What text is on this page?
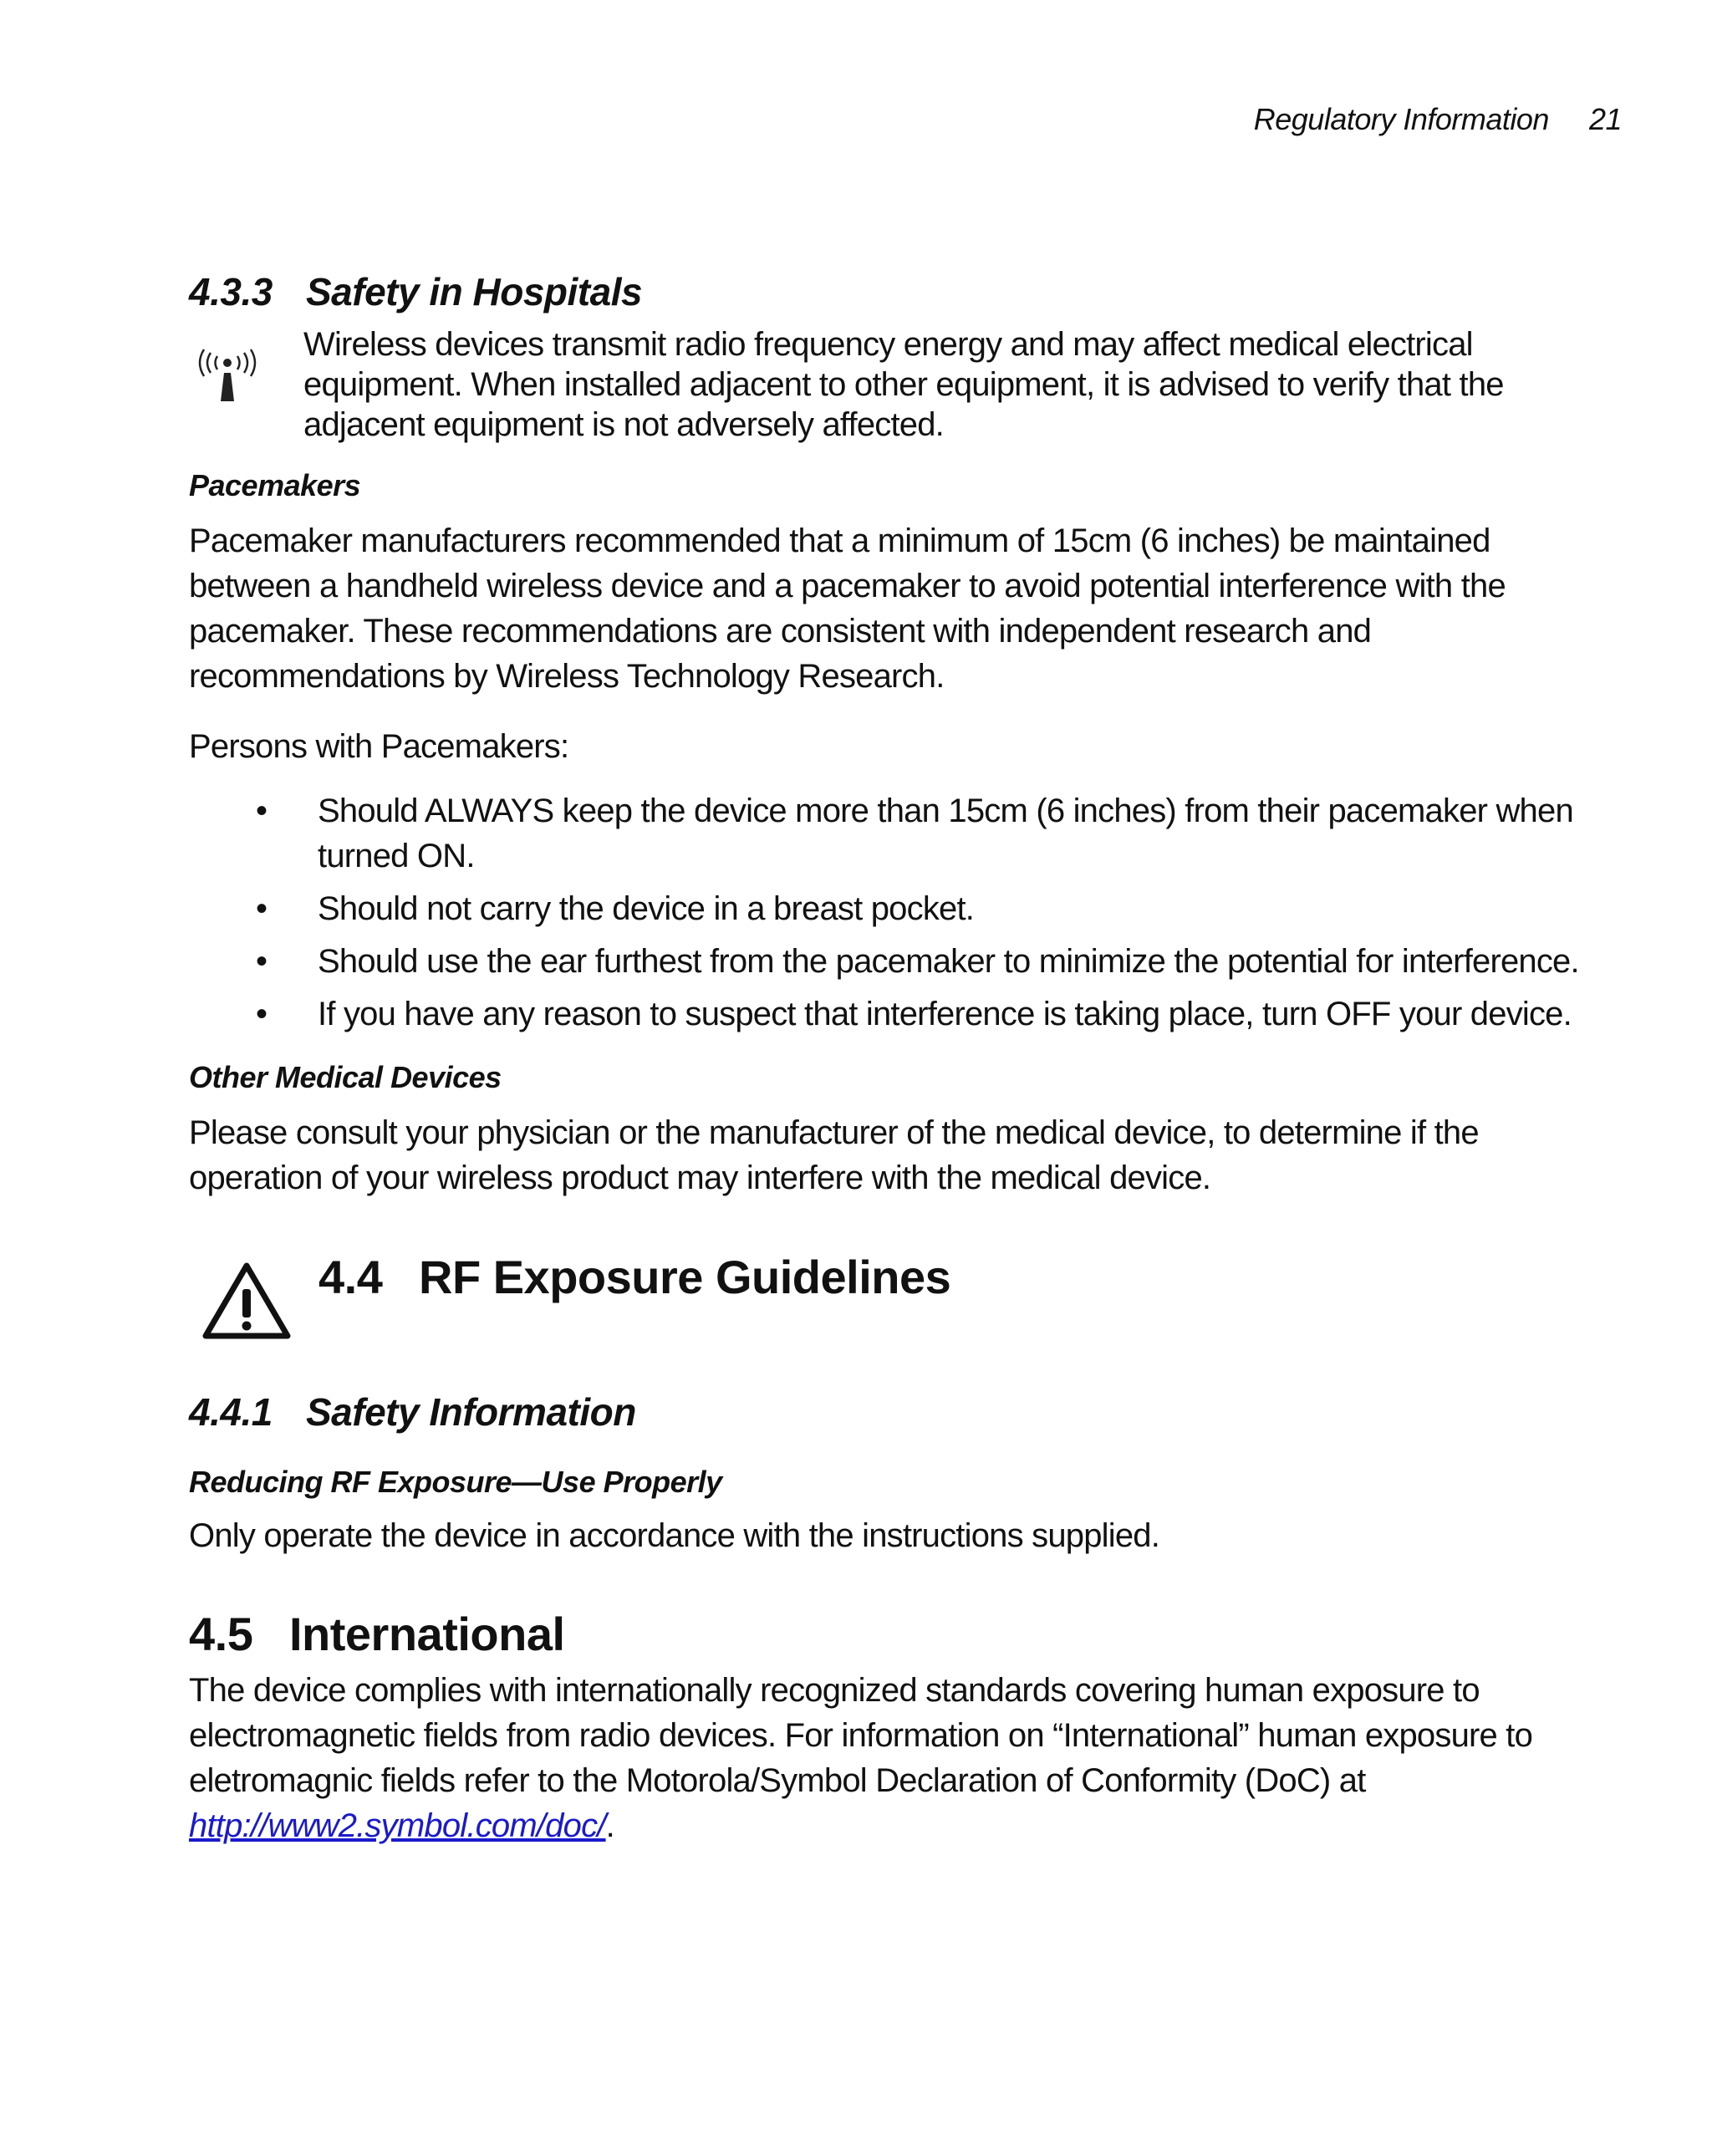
Regulatory Information 21
4.3.3 Safety in Hospitals
Wireless devices transmit radio frequency energy and may affect medical electrical equipment. When installed adjacent to other equipment, it is advised to verify that the adjacent equipment is not adversely affected.
Pacemakers
Pacemaker manufacturers recommended that a minimum of 15cm (6 inches) be maintained between a handheld wireless device and a pacemaker to avoid potential interference with the pacemaker. These recommendations are consistent with independent research and recommendations by Wireless Technology Research.
Persons with Pacemakers:
• Should ALWAYS keep the device more than 15cm (6 inches) from their pacemaker when turned ON.
• Should not carry the device in a breast pocket.
• Should use the ear furthest from the pacemaker to minimize the potential for interference.
• If you have any reason to suspect that interference is taking place, turn OFF your device.
Other Medical Devices
Please consult your physician or the manufacturer of the medical device, to determine if the operation of your wireless product may interfere with the medical device.
4.4 RF Exposure Guidelines
4.4.1 Safety Information
Reducing RF Exposure—Use Properly
Only operate the device in accordance with the instructions supplied.
4.5 International
The device complies with internationally recognized standards covering human exposure to electromagnetic fields from radio devices. For information on “International” human exposure to eletromagnic fields refer to the Motorola/Symbol Declaration of Conformity (DoC) at http://www2.symbol.com/doc/.
